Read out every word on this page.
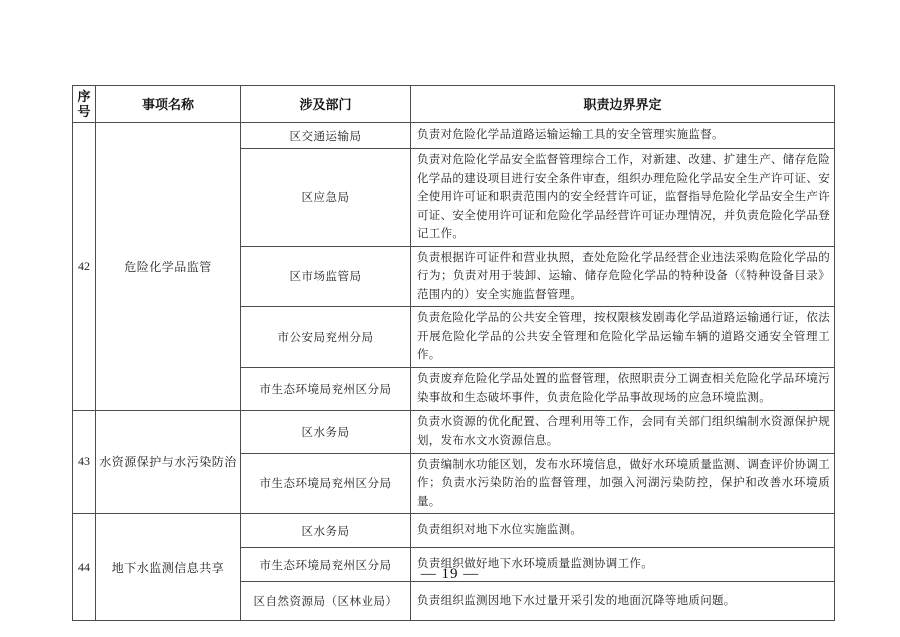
序号	事项名称	涉及部门	职责边界界定
42	危险化学品监管	区交通运输局	负责对危险化学品道路运输运输工具的安全管理实施监督。
		区应急局	负责对危险化学品安全监督管理综合工作，对新建、改建、扩建生产、储存危险化学品的建设项目进行安全条件审查，组织办理危险化学品安全生产许可证、安全使用许可证和职责范围内的安全经营许可证，监督指导危险化学品安全生产许可证、安全使用许可证和危险化学品经营许可证办理情况，并负责危险化学品登记工作。
		区市场监管局	负责根据许可证件和营业执照，查处危险化学品经营企业违法采购危险化学品的行为；负责对用于装卸、运输、储存危险化学品的特种设备（《特种设备目录》范围内的）安全实施监督管理。
		市公安局兖州分局	负责危险化学品的公共安全管理，按权限核发剧毒化学品道路运输通行证，依法开展危险化学品的公共安全管理和危险化学品运输车辆的道路交通安全管理工作。
		市生态环境局兖州区分局	负责废弃危险化学品处置的监督管理，依照职责分工调查相关危险化学品环境污染事故和生态破坏事件，负责危险化学品事故现场的应急环境监测。
43	水资源保护与水污染防治	区水务局	负责水资源的优化配置、合理利用等工作，会同有关部门组织编制水资源保护规划，发布水文水资源信息。
		市生态环境局兖州区分局	负责编制水功能区划，发布水环境信息，做好水环境质量监测、调查评价协调工作；负责水污染防治的监督管理，加强入河湖污染防控，保护和改善水环境质量。
44	地下水监测信息共享	区水务局	负责组织对地下水位实施监测。
		市生态环境局兖州区分局	负责组织做好地下水环境质量监测协调工作。
		区自然资源局（区林业局）	负责组织监测因地下水过量开采引发的地面沉降等地质问题。
— 19 —
